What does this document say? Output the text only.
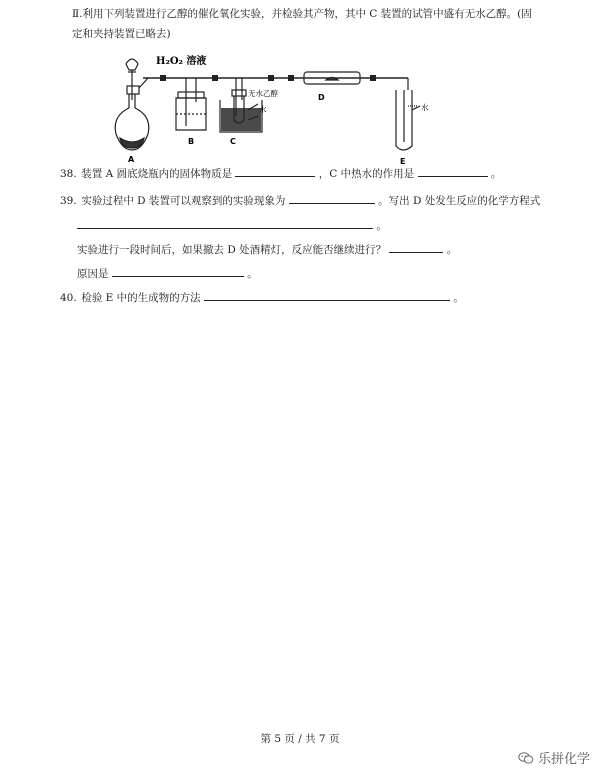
Ⅱ.利用下列装置进行乙醇的催化氧化实验，并检验其产物，其中 C 装置的试管中盛有无水乙醇。(固
定和夹持装置已略去)
H₂O₂ 溶液
无水乙醇
水	水
A
B	C
D
E
38. 装置 A 圆底烧瓶内的固体物质是	，C 中热水的作用是	。
39. 实验过程中 D 装置可以观察到的实验现象为	。写出 D 处发生反应的化学方程式
。
实验进行一段时间后，如果撤去 D 处酒精灯，反应能否继续进行？	。
原因是	。
40. 检验 E 中的生成物的方法	。
第 5 页 / 共 7 页
乐拼化学
